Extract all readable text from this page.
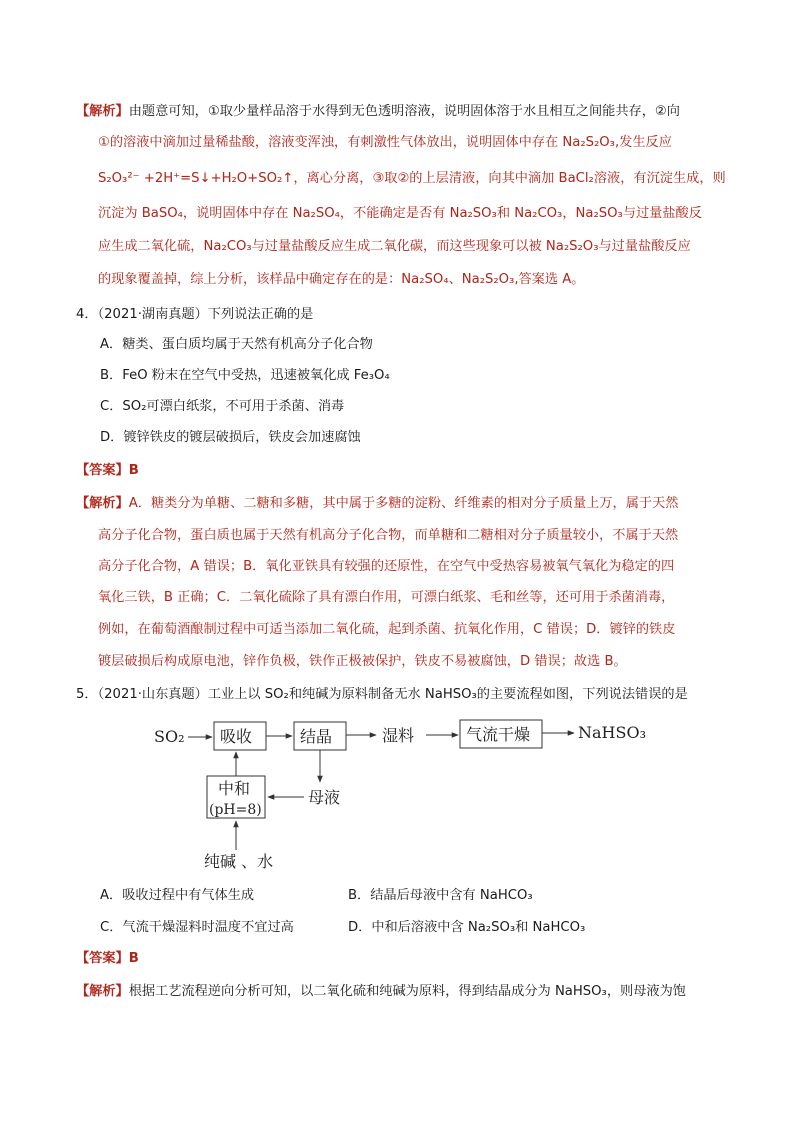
【解析】由题意可知，①取少量样品溶于水得到无色透明溶液，说明固体溶于水且相互之间能共存，②向
①的溶液中滴加过量稀盐酸，溶液变浑浊，有刺激性气体放出，说明固体中存在 Na₂S₂O₃,发生反应
S₂O₃²⁻ +2H⁺=S↓+H₂O+SO₂↑，离心分离，③取②的上层清液，向其中滴加 BaCl₂溶液，有沉淀生成，则
沉淀为 BaSO₄，说明固体中存在 Na₂SO₄，不能确定是否有 Na₂SO₃和 Na₂CO₃，Na₂SO₃与过量盐酸反
应生成二氧化硫，Na₂CO₃与过量盐酸反应生成二氧化碳，而这些现象可以被 Na₂S₂O₃与过量盐酸反应
的现象覆盖掉，综上分析，该样品中确定存在的是：Na₂SO₄、Na₂S₂O₃,答案选 A。
4．（2021·湖南真题）下列说法正确的是
A．糖类、蛋白质均属于天然有机高分子化合物
B．FeO 粉末在空气中受热，迅速被氧化成 Fe₃O₄
C．SO₂可漂白纸浆，不可用于杀菌、消毒
D．镀锌铁皮的镀层破损后，铁皮会加速腐蚀
【答案】B
【解析】A．糖类分为单糖、二糖和多糖，其中属于多糖的淀粉、纤维素的相对分子质量上万，属于天然
高分子化合物，蛋白质也属于天然有机高分子化合物，而单糖和二糖相对分子质量较小，不属于天然
高分子化合物，A 错误；B．氧化亚铁具有较强的还原性，在空气中受热容易被氧气氧化为稳定的四
氧化三铁，B 正确；C．二氧化硫除了具有漂白作用，可漂白纸浆、毛和丝等，还可用于杀菌消毒，
例如，在葡萄酒酿制过程中可适当添加二氧化硫，起到杀菌、抗氧化作用，C 错误；D．镀锌的铁皮
镀层破损后构成原电池，锌作负极，铁作正极被保护，铁皮不易被腐蚀，D 错误；故选 B。
5．（2021·山东真题）工业上以 SO₂和纯碱为原料制备无水 NaHSO₃的主要流程如图，下列说法错误的是
SO₂ 吸收	结晶	湿料	气流干燥	NaHSO₃
中和
(pH=8)
母液
纯碱 、水
A．吸收过程中有气体生成	B．结晶后母液中含有 NaHCO₃
C．气流干燥湿料时温度不宜过高	D．中和后溶液中含 Na₂SO₃和 NaHCO₃
【答案】B
【解析】根据工艺流程逆向分析可知，以二氧化硫和纯碱为原料，得到结晶成分为 NaHSO₃，则母液为饱
